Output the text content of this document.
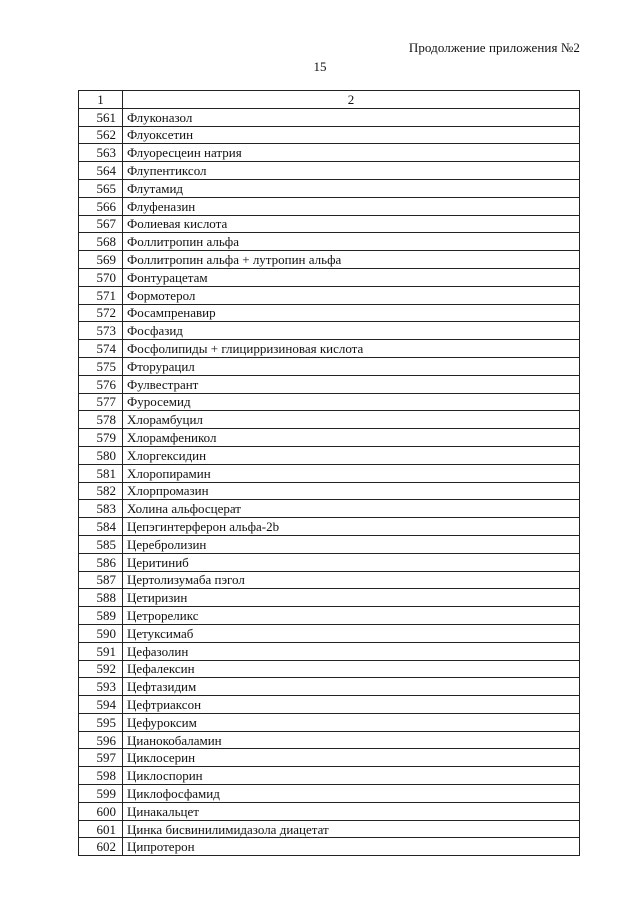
Продолжение приложения №2
15
1	2
561	Флуконазол
562	Флуоксетин
563	Флуоресцеин натрия
564	Флупентиксол
565	Флутамид
566	Флуфеназин
567	Фолиевая кислота
568	Фоллитропин альфа
569	Фоллитропин альфа + лутропин альфа
570	Фонтурацетам
571	Формотерол
572	Фосампренавир
573	Фосфазид
574	Фосфолипиды + глицирризиновая кислота
575	Фторурацил
576	Фулвестрант
577	Фуросемид
578	Хлорамбуцил
579	Хлорамфеникол
580	Хлоргексидин
581	Хлоропирамин
582	Хлорпромазин
583	Холина альфосцерат
584	Цепэгинтерферон альфа-2b
585	Церебролизин
586	Церитиниб
587	Цертолизумаба пэгол
588	Цетиризин
589	Цетрореликс
590	Цетуксимаб
591	Цефазолин
592	Цефалексин
593	Цефтазидим
594	Цефтриаксон
595	Цефуроксим
596	Цианокобаламин
597	Циклосерин
598	Циклоспорин
599	Циклофосфамид
600	Цинакальцет
601	Цинка бисвинилимидазола диацетат
602	Ципротерон
